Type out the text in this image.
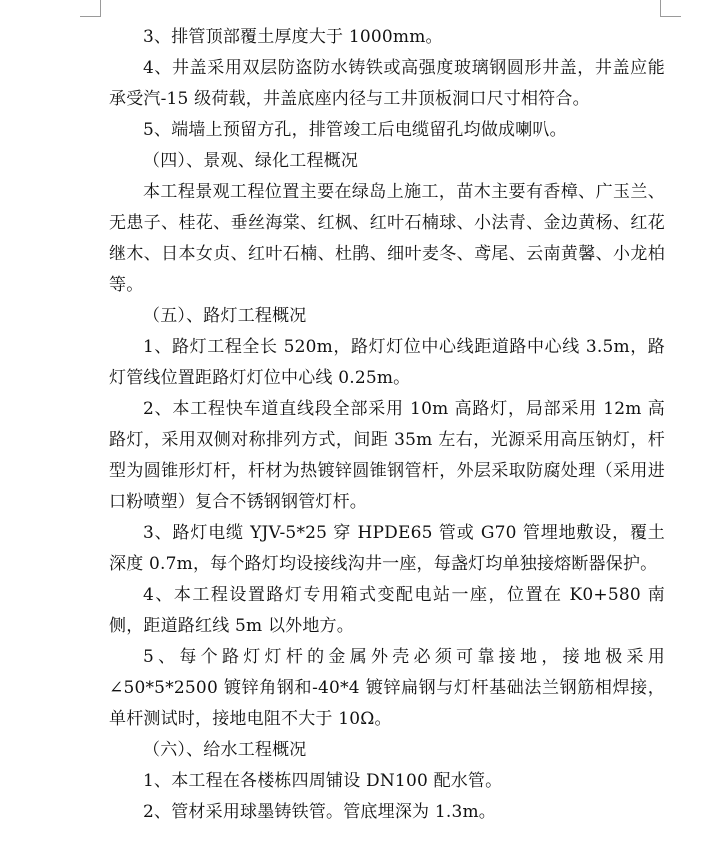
3、排管顶部覆土厚度大于 1000mm。

4、井盖采用双层防盗防水铸铁或高强度玻璃钢圆形井盖，井盖应能承受汽-15 级荷载，井盖底座内径与工井顶板洞口尺寸相符合。

5、端墙上预留方孔，排管竣工后电缆留孔均做成喇叭。

（四）、景观、绿化工程概况

本工程景观工程位置主要在绿岛上施工，苗木主要有香樟、广玉兰、无患子、桂花、垂丝海棠、红枫、红叶石楠球、小法青、金边黄杨、红花继木、日本女贞、红叶石楠、杜鹃、细叶麦冬、鸢尾、云南黄馨、小龙柏等。

（五）、路灯工程概况

1、路灯工程全长 520m，路灯灯位中心线距道路中心线 3.5m，路灯管线位置距路灯灯位中心线 0.25m。

2、本工程快车道直线段全部采用 10m 高路灯，局部采用 12m 高路灯，采用双侧对称排列方式，间距 35m 左右，光源采用高压钠灯，杆型为圆锥形灯杆，杆材为热镀锌圆锥钢管杆，外层采取防腐处理（采用进口粉喷塑）复合不锈钢钢管灯杆。

3、路灯电缆 YJV-5*25 穿 HPDE65 管或 G70 管埋地敷设，覆土深度 0.7m，每个路灯均设接线沟井一座，每盏灯均单独接熔断器保护。

4、本工程设置路灯专用箱式变配电站一座，位置在 K0+580 南侧，距道路红线 5m 以外地方。

5、每个路灯灯杆的金属外壳必须可靠接地，接地极采用∠50*5*2500 镀锌角钢和-40*4 镀锌扁钢与灯杆基础法兰钢筋相焊接，单杆测试时，接地电阻不大于 10Ω。

（六）、给水工程概况

1、本工程在各楼栋四周铺设 DN100 配水管。

2、管材采用球墨铸铁管。管底埋深为 1.3m。
